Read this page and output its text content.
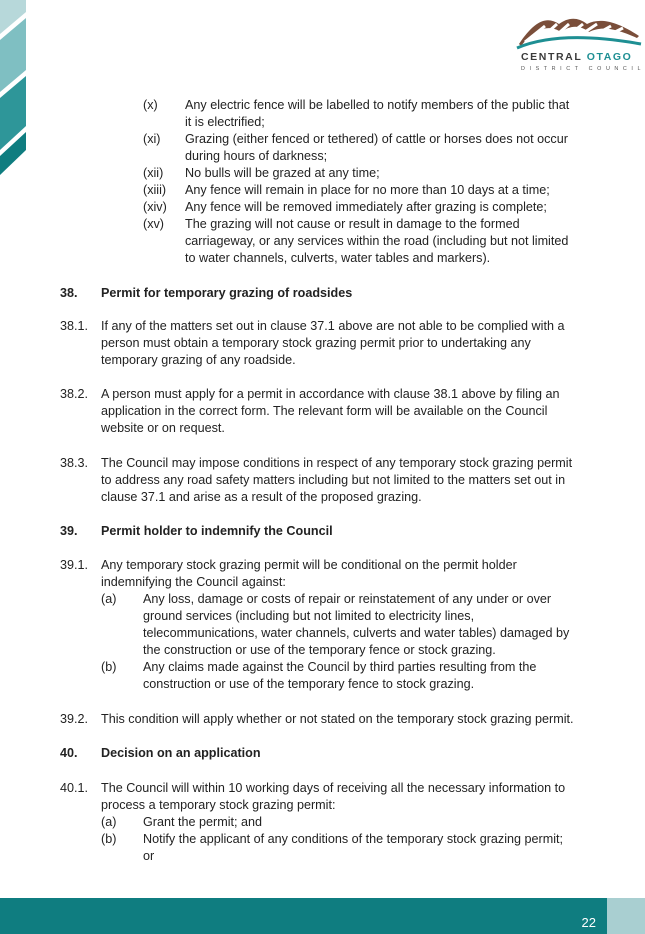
CENTRAL OTAGO
DISTRICT COUNCIL
(x) Any electric fence will be labelled to notify members of the public that
it is electrified;
(xi) Grazing (either fenced or tethered) of cattle or horses does not occur
during hours of darkness;
(xii) No bulls will be grazed at any time;
(xiii) Any fence will remain in place for no more than 10 days at a time;
(xiv) Any fence will be removed immediately after grazing is complete;
(xv) The grazing will not cause or result in damage to the formed
carriageway, or any services within the road (including but not limited
to water channels, culverts, water tables and markers).
38. Permit for temporary grazing of roadsides
38.1. If any of the matters set out in clause 37.1 above are not able to be complied with a
person must obtain a temporary stock grazing permit prior to undertaking any
temporary grazing of any roadside.
38.2. A person must apply for a permit in accordance with clause 38.1 above by filing an
application in the correct form. The relevant form will be available on the Council
website or on request.
38.3. The Council may impose conditions in respect of any temporary stock grazing permit
to address any road safety matters including but not limited to the matters set out in
clause 37.1 and arise as a result of the proposed grazing.
39. Permit holder to indemnify the Council
39.1. Any temporary stock grazing permit will be conditional on the permit holder
indemnifying the Council against:
(a) Any loss, damage or costs of repair or reinstatement of any under or over
ground services (including but not limited to electricity lines,
telecommunications, water channels, culverts and water tables) damaged by
the construction or use of the temporary fence or stock grazing.
(b) Any claims made against the Council by third parties resulting from the
construction or use of the temporary fence to stock grazing.
39.2. This condition will apply whether or not stated on the temporary stock grazing permit.
40. Decision on an application
40.1. The Council will within 10 working days of receiving all the necessary information to
process a temporary stock grazing permit:
(a) Grant the permit; and
(b) Notify the applicant of any conditions of the temporary stock grazing permit;
or
22
